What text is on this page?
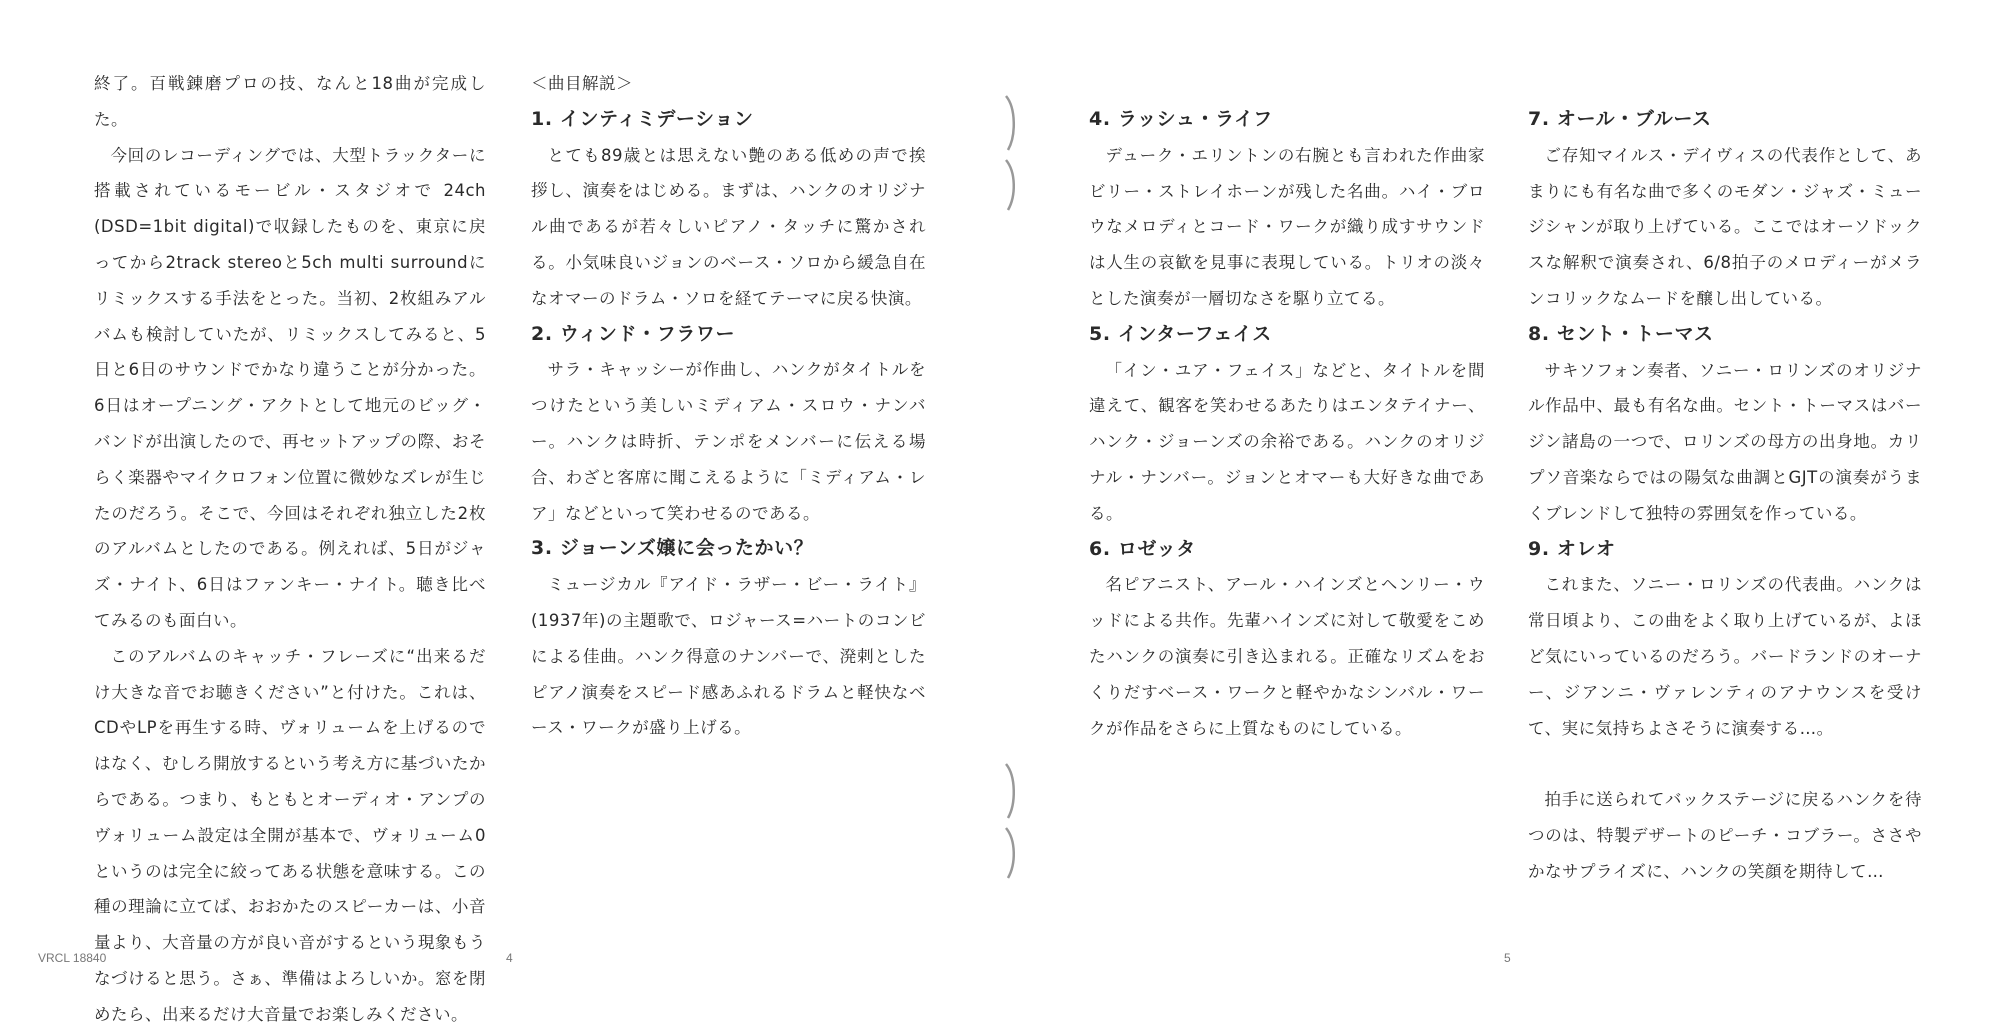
終了。百戦錬磨プロの技、なんと18曲が完成した。

今回のレコーディングでは、大型トラックターに搭載されているモービル・スタジオで 24ch (DSD=1bit digital)で収録したものを、東京に戻ってから2track stereoと5ch multi surroundにリミックスする手法をとった。当初、2枚組みアルバムも検討していたが、リミックスしてみると、5日と6日のサウンドでかなり違うことが分かった。6日はオープニング・アクトとして地元のビッグ・バンドが出演したので、再セットアップの際、おそらく楽器やマイクロフォン位置に微妙なズレが生じたのだろう。そこで、今回はそれぞれ独立した2枚のアルバムとしたのである。例えれば、5日がジャズ・ナイト、6日はファンキー・ナイト。聴き比べてみるのも面白い。

このアルバムのキャッチ・フレーズに“出来るだけ大きな音でお聴きください”と付けた。これは、CDやLPを再生する時、ヴォリュームを上げるのではなく、むしろ開放するという考え方に基づいたからである。つまり、もともとオーディオ・アンプのヴォリューム設定は全開が基本で、ヴォリューム0というのは完全に絞ってある状態を意味する。この種の理論に立てば、おおかたのスピーカーは、小音量より、大音量の方が良い音がするという現象もうなづけると思う。さぁ、準備はよろしいか。窓を閉めたら、出来るだけ大音量でお楽しみください。

＜曲目解説＞

1. インティミデーション

とても89歳とは思えない艶のある低めの声で挨拶し、演奏をはじめる。まずは、ハンクのオリジナル曲であるが若々しいピアノ・タッチに驚かされる。小気味良いジョンのベース・ソロから緩急自在なオマーのドラム・ソロを経てテーマに戻る快演。

2. ウィンド・フラワー

サラ・キャッシーが作曲し、ハンクがタイトルをつけたという美しいミディアム・スロウ・ナンバー。ハンクは時折、テンポをメンバーに伝える場合、わざと客席に聞こえるように「ミディアム・レア」などといって笑わせるのである。

3. ジョーンズ嬢に会ったかい？

ミュージカル『アイド・ラザー・ビー・ライト』(1937年)の主題歌で、ロジャース=ハートのコンビによる佳曲。ハンク得意のナンバーで、溌剌としたピアノ演奏をスピード感あふれるドラムと軽快なベース・ワークが盛り上げる。

VRCL 18840	4

4. ラッシュ・ライフ

デューク・エリントンの右腕とも言われた作曲家ビリー・ストレイホーンが残した名曲。ハイ・ブロウなメロディとコード・ワークが織り成すサウンドは人生の哀歓を見事に表現している。トリオの淡々とした演奏が一層切なさを駆り立てる。

5. インターフェイス

「イン・ユア・フェイス」などと、タイトルを間違えて、観客を笑わせるあたりはエンタテイナー、ハンク・ジョーンズの余裕である。ハンクのオリジナル・ナンバー。ジョンとオマーも大好きな曲である。

6. ロゼッタ

名ピアニスト、アール・ハインズとヘンリー・ウッドによる共作。先輩ハインズに対して敬愛をこめたハンクの演奏に引き込まれる。正確なリズムをおくりだすベース・ワークと軽やかなシンバル・ワークが作品をさらに上質なものにしている。

7. オール・ブルース

ご存知マイルス・デイヴィスの代表作として、あまりにも有名な曲で多くのモダン・ジャズ・ミュージシャンが取り上げている。ここではオーソドックスな解釈で演奏され、6/8拍子のメロディーがメランコリックなムードを醸し出している。

8. セント・トーマス

サキソフォン奏者、ソニー・ロリンズのオリジナル作品中、最も有名な曲。セント・トーマスはバージン諸島の一つで、ロリンズの母方の出身地。カリプソ音楽ならではの陽気な曲調とGJTの演奏がうまくブレンドして独特の雰囲気を作っている。

9. オレオ

これまた、ソニー・ロリンズの代表曲。ハンクは常日頃より、この曲をよく取り上げているが、よほど気にいっているのだろう。バードランドのオーナー、ジアンニ・ヴァレンティのアナウンスを受けて、実に気持ちよさそうに演奏する…。

拍手に送られてバックステージに戻るハンクを待つのは、特製デザートのピーチ・コブラー。ささやかなサプライズに、ハンクの笑顔を期待して…

5
